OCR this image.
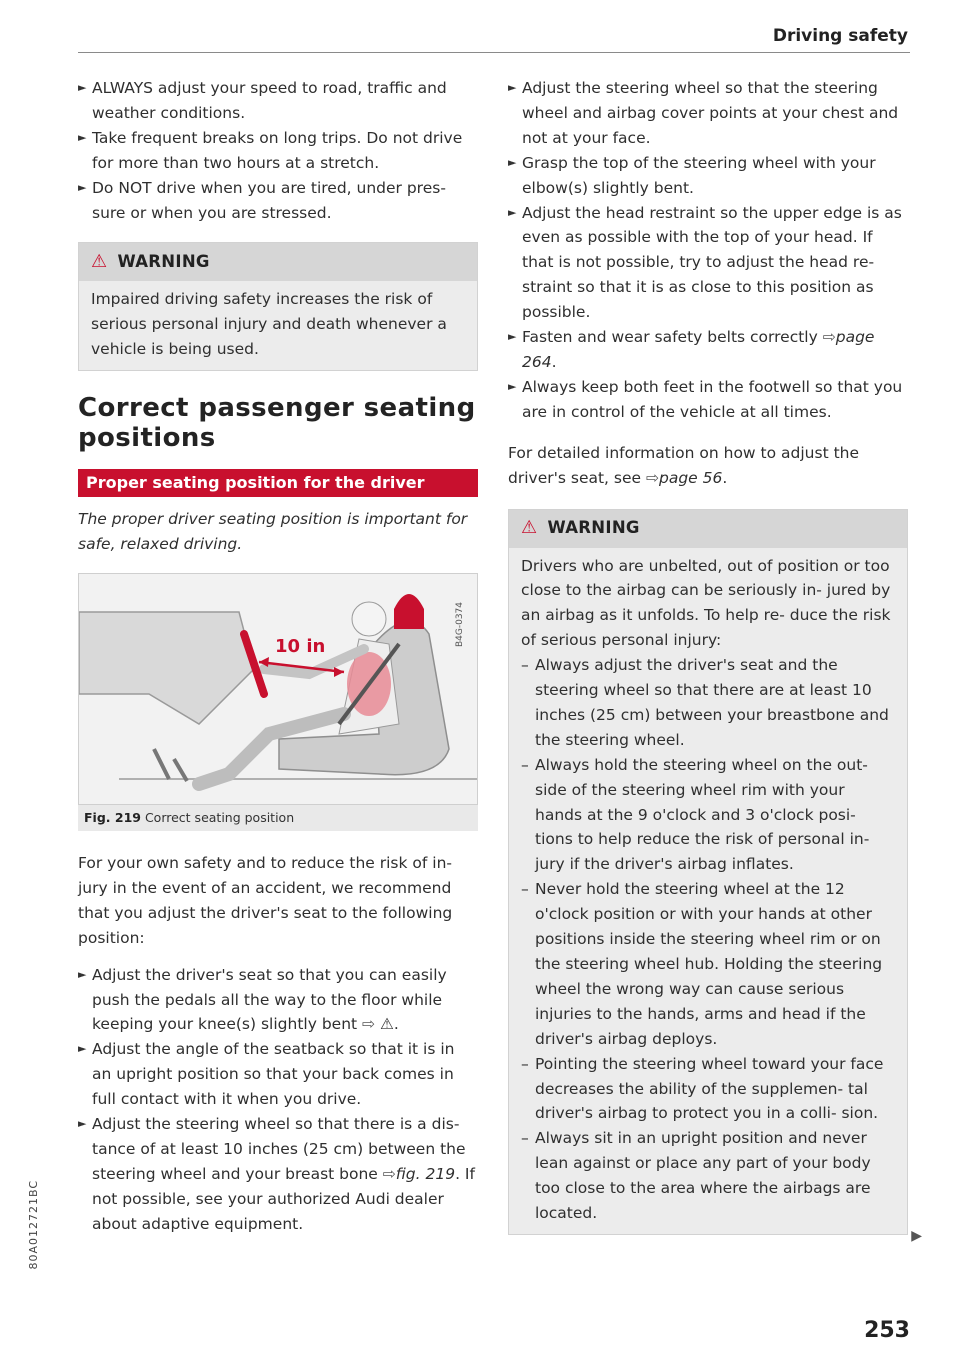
Driving safety

► ALWAYS adjust your speed to road, traffic and weather conditions.

► Take frequent breaks on long trips. Do not drive for more than two hours at a stretch.

► Do NOT drive when you are tired, under pres- sure or when you are stressed.

⚠ WARNING
Impaired driving safety increases the risk of serious personal injury and death whenever a vehicle is being used.
Correct passenger seating positions
Proper seating position for the driver
The proper driver seating position is important for safe, relaxed driving.
10 in	B4G-0374
Fig. 219 Correct seating position
For your own safety and to reduce the risk of in- jury in the event of an accident, we recommend that you adjust the driver's seat to the following position:

► Adjust the driver's seat so that you can easily push the pedals all the way to the floor while keeping your knee(s) slightly bent ⇨ ⚠.

► Adjust the angle of the seatback so that it is in an upright position so that your back comes in full contact with it when you drive.

► Adjust the steering wheel so that there is a dis- tance of at least 10 inches (25 cm) between the steering wheel and your breast bone ⇨fig. 219. If not possible, see your authorized Audi dealer about adaptive equipment.

► Adjust the steering wheel so that the steering wheel and airbag cover points at your chest and not at your face.

► Grasp the top of the steering wheel with your elbow(s) slightly bent.

► Adjust the head restraint so the upper edge is as even as possible with the top of your head. If that is not possible, try to adjust the head re- straint so that it is as close to this position as possible.

► Fasten and wear safety belts correctly ⇨page 264.

► Always keep both feet in the footwell so that you are in control of the vehicle at all times.

For detailed information on how to adjust the driver's seat, see ⇨page 56.
⚠ WARNING
Drivers who are unbelted, out of position or too close to the airbag can be seriously in- jured by an airbag as it unfolds. To help re- duce the risk of serious personal injury:
– Always adjust the driver's seat and the steering wheel so that there are at least 10 inches (25 cm) between your breastbone and the steering wheel.
– Always hold the steering wheel on the out- side of the steering wheel rim with your hands at the 9 o'clock and 3 o'clock posi- tions to help reduce the risk of personal in- jury if the driver's airbag inflates.
– Never hold the steering wheel at the 12 o'clock position or with your hands at other positions inside the steering wheel rim or on the steering wheel hub. Holding the steering wheel the wrong way can cause serious injuries to the hands, arms and head if the driver's airbag deploys.
– Pointing the steering wheel toward your face decreases the ability of the supplemen- tal driver's airbag to protect you in a colli- sion.
– Always sit in an upright position and never lean against or place any part of your body too close to the area where the airbags are located.
▶
253
80A012721BC
